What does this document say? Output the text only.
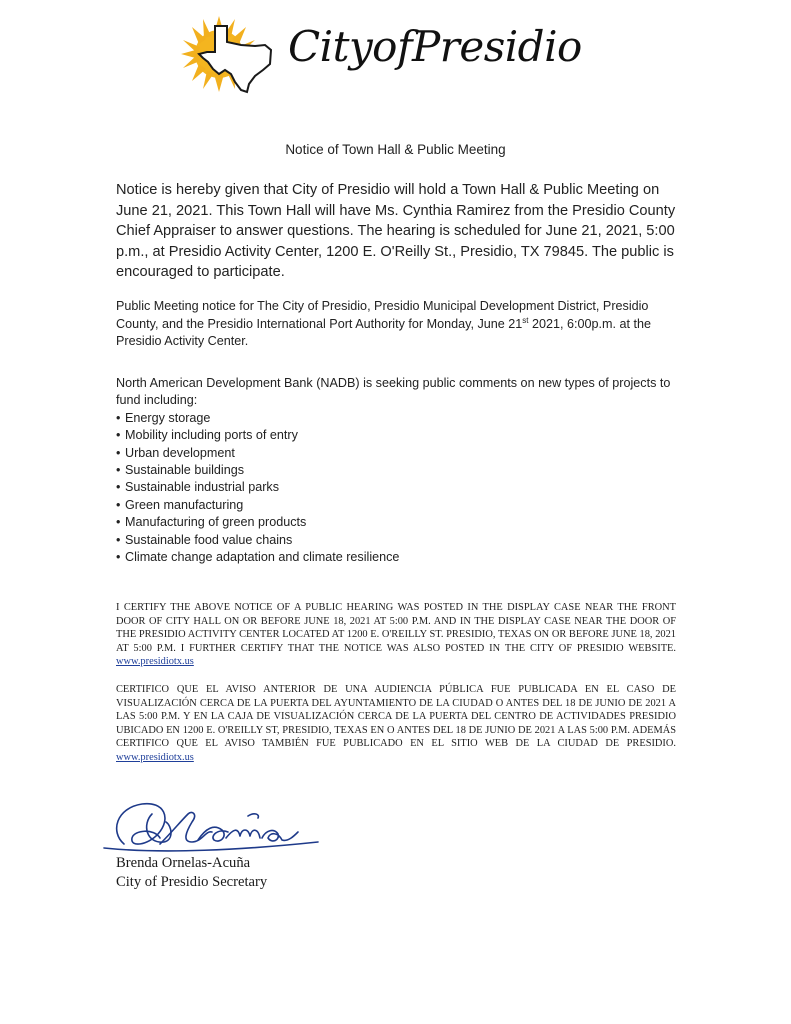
CityofPresidio
Notice of Town Hall & Public Meeting
Notice is hereby given that City of Presidio will hold a Town Hall & Public Meeting on June 21, 2021. This Town Hall will have Ms. Cynthia Ramirez from the Presidio County Chief Appraiser to answer questions. The hearing is scheduled for June 21, 2021, 5:00 p.m., at Presidio Activity Center, 1200 E. O'Reilly St., Presidio, TX 79845. The public is encouraged to participate.
Public Meeting notice for The City of Presidio, Presidio Municipal Development District, Presidio County, and the Presidio International Port Authority for Monday, June 21st 2021, 6:00p.m. at the Presidio Activity Center.
North American Development Bank (NADB) is seeking public comments on new types of projects to fund including:
• Energy storage
• Mobility including ports of entry
• Urban development
• Sustainable buildings
• Sustainable industrial parks
• Green manufacturing
• Manufacturing of green products
• Sustainable food value chains
• Climate change adaptation and climate resilience
I CERTIFY THE ABOVE NOTICE OF A PUBLIC HEARING WAS POSTED IN THE DISPLAY CASE NEAR THE FRONT DOOR OF CITY HALL ON OR BEFORE JUNE 18, 2021 AT 5:00 P.M. AND IN THE DISPLAY CASE NEAR THE DOOR OF THE PRESIDIO ACTIVITY CENTER LOCATED AT 1200 E. O'REILLY ST. PRESIDIO, TEXAS ON OR BEFORE JUNE 18, 2021 AT 5:00 P.M. I FURTHER CERTIFY THAT THE NOTICE WAS ALSO POSTED IN THE CITY OF PRESIDIO WEBSITE. www.presidiotx.us
CERTIFICO QUE EL AVISO ANTERIOR DE UNA AUDIENCIA PÚBLICA FUE PUBLICADA EN EL CASO DE VISUALIZACIÓN CERCA DE LA PUERTA DEL AYUNTAMIENTO DE LA CIUDAD O ANTES DEL 18 DE JUNIO DE 2021 A LAS 5:00 P.M. Y EN LA CAJA DE VISUALIZACIÓN CERCA DE LA PUERTA DEL CENTRO DE ACTIVIDADES PRESIDIO UBICADO EN 1200 E. O'REILLY ST, PRESIDIO, TEXAS EN O ANTES DEL 18 DE JUNIO DE 2021 A LAS 5:00 P.M. ADEMÁS CERTIFICO QUE EL AVISO TAMBIÉN FUE PUBLICADO EN EL SITIO WEB DE LA CIUDAD DE PRESIDIO. www.presidiotx.us
Brenda Ornelas-Acuña
City of Presidio Secretary
